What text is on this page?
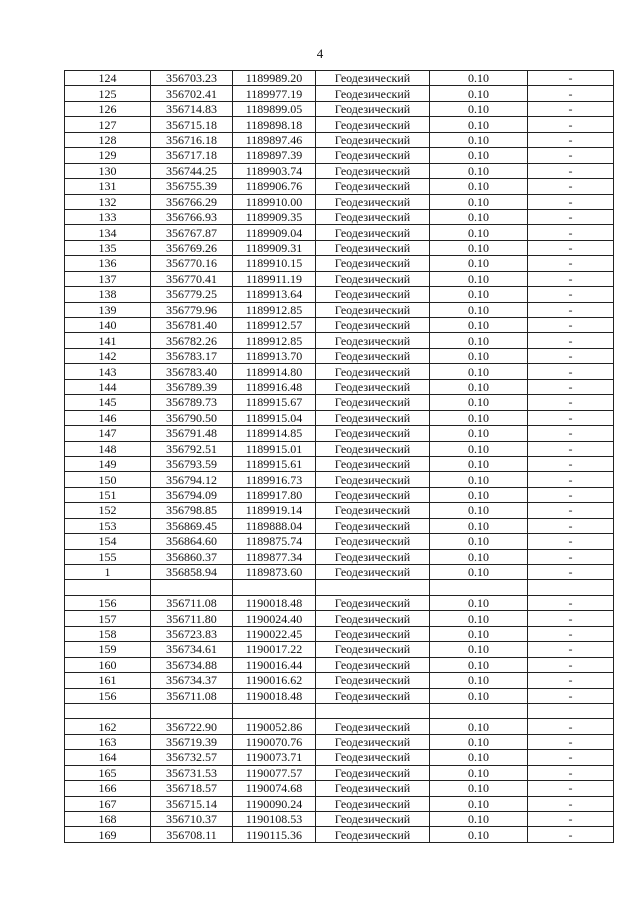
4
124	356703.23	1189989.20	Геодезический	0.10	-
125	356702.41	1189977.19	Геодезический	0.10	-
126	356714.83	1189899.05	Геодезический	0.10	-
127	356715.18	1189898.18	Геодезический	0.10	-
128	356716.18	1189897.46	Геодезический	0.10	-
129	356717.18	1189897.39	Геодезический	0.10	-
130	356744.25	1189903.74	Геодезический	0.10	-
131	356755.39	1189906.76	Геодезический	0.10	-
132	356766.29	1189910.00	Геодезический	0.10	-
133	356766.93	1189909.35	Геодезический	0.10	-
134	356767.87	1189909.04	Геодезический	0.10	-
135	356769.26	1189909.31	Геодезический	0.10	-
136	356770.16	1189910.15	Геодезический	0.10	-
137	356770.41	1189911.19	Геодезический	0.10	-
138	356779.25	1189913.64	Геодезический	0.10	-
139	356779.96	1189912.85	Геодезический	0.10	-
140	356781.40	1189912.57	Геодезический	0.10	-
141	356782.26	1189912.85	Геодезический	0.10	-
142	356783.17	1189913.70	Геодезический	0.10	-
143	356783.40	1189914.80	Геодезический	0.10	-
144	356789.39	1189916.48	Геодезический	0.10	-
145	356789.73	1189915.67	Геодезический	0.10	-
146	356790.50	1189915.04	Геодезический	0.10	-
147	356791.48	1189914.85	Геодезический	0.10	-
148	356792.51	1189915.01	Геодезический	0.10	-
149	356793.59	1189915.61	Геодезический	0.10	-
150	356794.12	1189916.73	Геодезический	0.10	-
151	356794.09	1189917.80	Геодезический	0.10	-
152	356798.85	1189919.14	Геодезический	0.10	-
153	356869.45	1189888.04	Геодезический	0.10	-
154	356864.60	1189875.74	Геодезический	0.10	-
155	356860.37	1189877.34	Геодезический	0.10	-
1	356858.94	1189873.60	Геодезический	0.10	-

156	356711.08	1190018.48	Геодезический	0.10	-
157	356711.80	1190024.40	Геодезический	0.10	-
158	356723.83	1190022.45	Геодезический	0.10	-
159	356734.61	1190017.22	Геодезический	0.10	-
160	356734.88	1190016.44	Геодезический	0.10	-
161	356734.37	1190016.62	Геодезический	0.10	-
156	356711.08	1190018.48	Геодезический	0.10	-

162	356722.90	1190052.86	Геодезический	0.10	-
163	356719.39	1190070.76	Геодезический	0.10	-
164	356732.57	1190073.71	Геодезический	0.10	-
165	356731.53	1190077.57	Геодезический	0.10	-
166	356718.57	1190074.68	Геодезический	0.10	-
167	356715.14	1190090.24	Геодезический	0.10	-
168	356710.37	1190108.53	Геодезический	0.10	-
169	356708.11	1190115.36	Геодезический	0.10	-
